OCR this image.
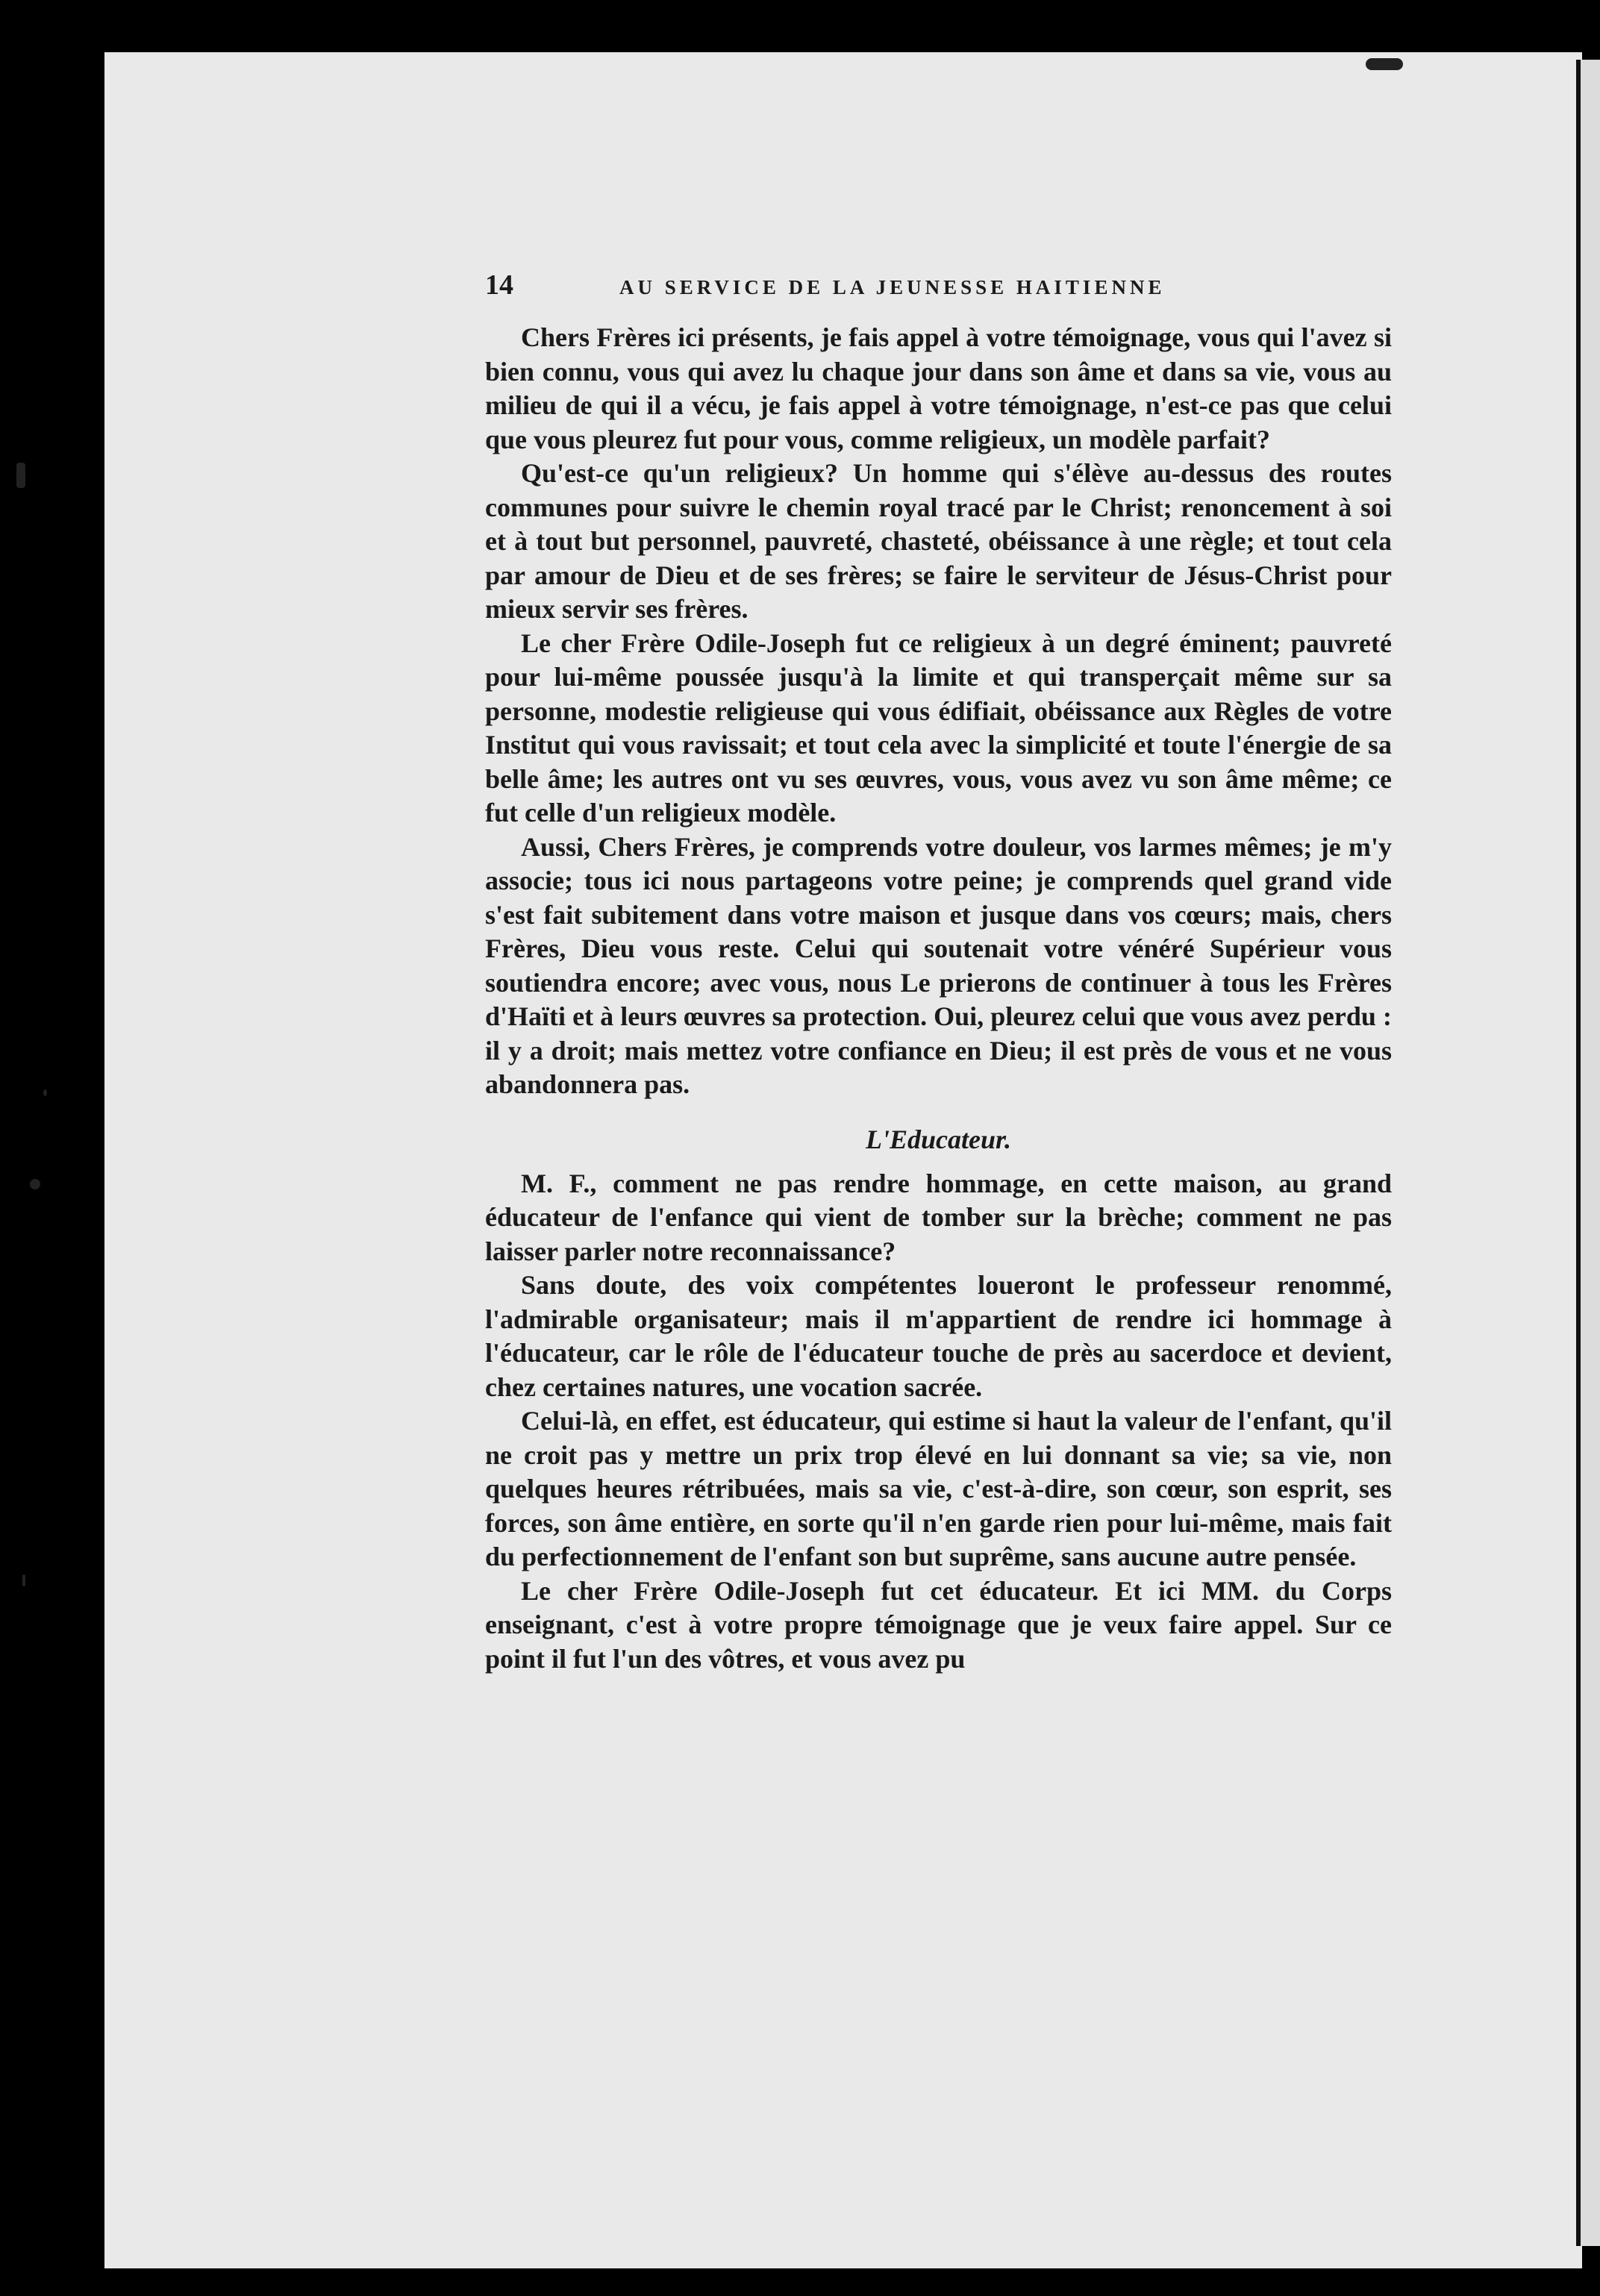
14	AU SERVICE DE LA JEUNESSE HAITIENNE

Chers Frères ici présents, je fais appel à votre témoignage, vous qui l'avez si bien connu, vous qui avez lu chaque jour dans son âme et dans sa vie, vous au milieu de qui il a vécu, je fais appel à votre témoignage, n'est-ce pas que celui que vous pleurez fut pour vous, comme religieux, un modèle parfait?

Qu'est-ce qu'un religieux? Un homme qui s'élève au-dessus des routes communes pour suivre le chemin royal tracé par le Christ; renoncement à soi et à tout but personnel, pauvreté, chasteté, obéissance à une règle; et tout cela par amour de Dieu et de ses frères; se faire le serviteur de Jésus-Christ pour mieux servir ses frères.

Le cher Frère Odile-Joseph fut ce religieux à un degré éminent; pauvreté pour lui-même poussée jusqu'à la limite et qui transperçait même sur sa personne, modestie religieuse qui vous édifiait, obéissance aux Règles de votre Institut qui vous ravissait; et tout cela avec la simplicité et toute l'énergie de sa belle âme; les autres ont vu ses œuvres, vous, vous avez vu son âme même; ce fut celle d'un religieux modèle.

Aussi, Chers Frères, je comprends votre douleur, vos larmes mêmes; je m'y associe; tous ici nous partageons votre peine; je comprends quel grand vide s'est fait subitement dans votre maison et jusque dans vos cœurs; mais, chers Frères, Dieu vous reste. Celui qui soutenait votre vénéré Supérieur vous soutiendra encore; avec vous, nous Le prierons de continuer à tous les Frères d'Haïti et à leurs œuvres sa protection. Oui, pleurez celui que vous avez perdu : il y a droit; mais mettez votre confiance en Dieu; il est près de vous et ne vous abandonnera pas.

L'Educateur.

M. F., comment ne pas rendre hommage, en cette maison, au grand éducateur de l'enfance qui vient de tomber sur la brèche; comment ne pas laisser parler notre reconnaissance?

Sans doute, des voix compétentes loueront le professeur renommé, l'admirable organisateur; mais il m'appartient de rendre ici hommage à l'éducateur, car le rôle de l'éducateur touche de près au sacerdoce et devient, chez certaines natures, une vocation sacrée.

Celui-là, en effet, est éducateur, qui estime si haut la valeur de l'enfant, qu'il ne croit pas y mettre un prix trop élevé en lui donnant sa vie; sa vie, non quelques heures rétribuées, mais sa vie, c'est-à-dire, son cœur, son esprit, ses forces, son âme entière, en sorte qu'il n'en garde rien pour lui-même, mais fait du perfectionnement de l'enfant son but suprême, sans aucune autre pensée.

Le cher Frère Odile-Joseph fut cet éducateur. Et ici MM. du Corps enseignant, c'est à votre propre témoignage que je veux faire appel. Sur ce point il fut l'un des vôtres, et vous avez pu
